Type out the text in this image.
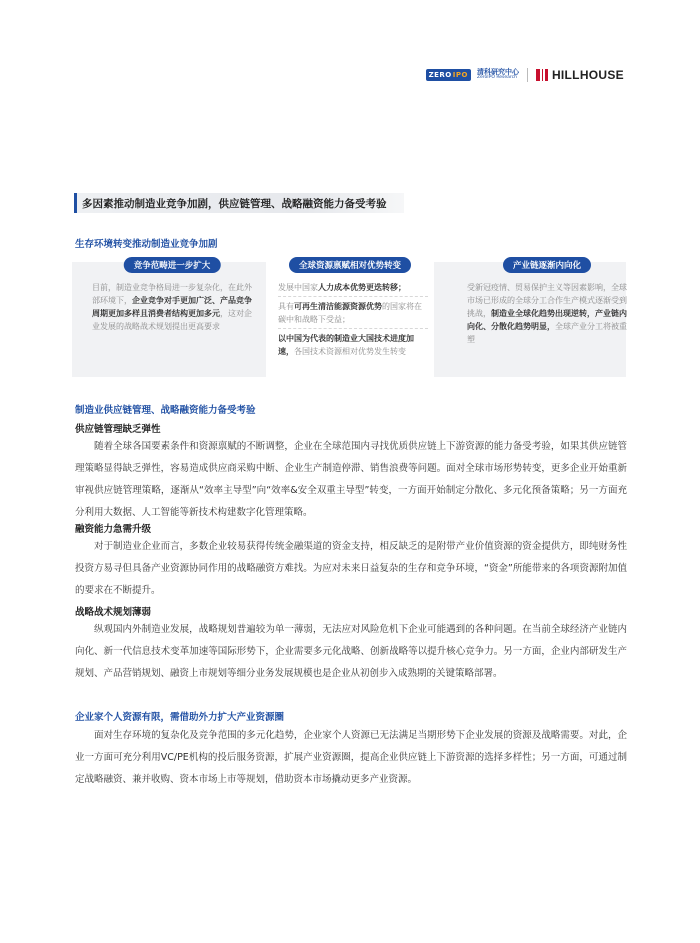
ZERO IPO 清科研究中心
ZeroIPO Research	HILLHOUSE
多因素推动制造业竞争加剧，供应链管理、战略融资能力备受考验
生存环境转变推动制造业竞争加剧
竞争范畴进一步扩大
目前，制造业竞争格局进一步复杂化，在此外部环境下，企业竞争对手更加广泛、产品竞争周期更加多样且消费者结构更加多元，这对企业发展的战略战术规划提出更高要求
全球资源禀赋相对优势转变
发展中国家人力成本优势更迭转移；
具有可再生清洁能源资源优势的国家将在碳中和战略下受益；
以中国为代表的制造业大国技术进度加速，各国技术资源相对优势发生转变
产业链逐渐内向化
受新冠疫情、贸易保护主义等因素影响，全球市场已形成的全球分工合作生产模式逐渐受到挑战，制造业全球化趋势出现逆转，产业链内向化、分散化趋势明显，全球产业分工将被重塑
制造业供应链管理、战略融资能力备受考验
供应链管理缺乏弹性
随着全球各国要素条件和资源禀赋的不断调整，企业在全球范围内寻找优质供应链上下游资源的能力备受考验，如果其供应链管理策略显得缺乏弹性，容易造成供应商采购中断、企业生产制造停滞、销售浪费等问题。面对全球市场形势转变，更多企业开始重新审视供应链管理策略，逐渐从“效率主导型”向“效率&安全双重主导型”转变，一方面开始制定分散化、多元化预备策略；另一方面充分利用大数据、人工智能等新技术构建数字化管理策略。
融资能力急需升级
对于制造业企业而言，多数企业较易获得传统金融渠道的资金支持，相反缺乏的是附带产业价值资源的资金提供方，即纯财务性投资方易寻但具备产业资源协同作用的战略融资方难找。为应对未来日益复杂的生存和竞争环境，“资金”所能带来的各项资源附加值的要求在不断提升。
战略战术规划薄弱
纵观国内外制造业发展，战略规划普遍较为单一薄弱，无法应对风险危机下企业可能遇到的各种问题。在当前全球经济产业链内向化、新一代信息技术变革加速等国际形势下，企业需要多元化战略、创新战略等以提升核心竞争力。另一方面，企业内部研发生产规划、产品营销规划、融资上市规划等细分业务发展规模也是企业从初创步入成熟期的关键策略部署。
企业家个人资源有限，需借助外力扩大产业资源圈
面对生存环境的复杂化及竞争范围的多元化趋势，企业家个人资源已无法满足当期形势下企业发展的资源及战略需要。对此，企业一方面可充分利用VC/PE机构的投后服务资源，扩展产业资源圈，提高企业供应链上下游资源的选择多样性；另一方面，可通过制定战略融资、兼并收购、资本市场上市等规划，借助资本市场撬动更多产业资源。
